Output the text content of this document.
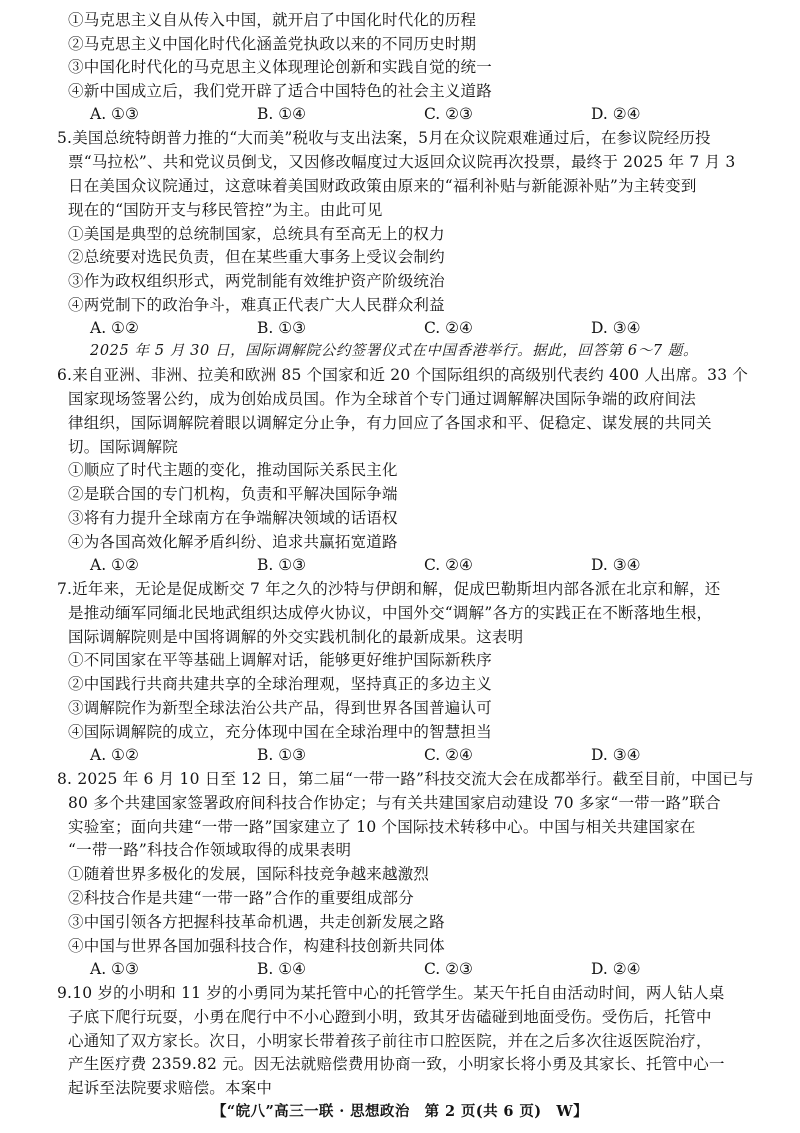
①马克思主义自从传入中国，就开启了中国化时代化的历程
②马克思主义中国化时代化涵盖党执政以来的不同历史时期
③中国化时代化的马克思主义体现理论创新和实践自觉的统一
④新中国成立后，我们党开辟了适合中国特色的社会主义道路
A. ①③	B. ①④	C. ②③	D. ②④
5.美国总统特朗普力推的“大而美”税收与支出法案，5月在众议院艰难通过后，在参议院经历投
票“马拉松”、共和党议员倒戈，又因修改幅度过大返回众议院再次投票，最终于 2025 年 7 月 3
日在美国众议院通过，这意味着美国财政政策由原来的“福利补贴与新能源补贴”为主转变到
现在的“国防开支与移民管控”为主。由此可见
①美国是典型的总统制国家，总统具有至高无上的权力
②总统要对选民负责，但在某些重大事务上受议会制约
③作为政权组织形式，两党制能有效维护资产阶级统治
④两党制下的政治争斗，难真正代表广大人民群众利益
A. ①②	B. ①③	C. ②④	D. ③④
2025 年 5 月 30 日，国际调解院公约签署仪式在中国香港举行。据此，回答第 6～7 题。
6.来自亚洲、非洲、拉美和欧洲 85 个国家和近 20 个国际组织的高级别代表约 400 人出席。33 个
国家现场签署公约，成为创始成员国。作为全球首个专门通过调解解决国际争端的政府间法
律组织，国际调解院着眼以调解定分止争，有力回应了各国求和平、促稳定、谋发展的共同关
切。国际调解院
①顺应了时代主题的变化，推动国际关系民主化
②是联合国的专门机构，负责和平解决国际争端
③将有力提升全球南方在争端解决领域的话语权
④为各国高效化解矛盾纠纷、追求共赢拓宽道路
A. ①②	B. ①③	C. ②④	D. ③④
7.近年来，无论是促成断交 7 年之久的沙特与伊朗和解，促成巴勒斯坦内部各派在北京和解，还
是推动缅军同缅北民地武组织达成停火协议，中国外交“调解”各方的实践正在不断落地生根，
国际调解院则是中国将调解的外交实践机制化的最新成果。这表明
①不同国家在平等基础上调解对话，能够更好维护国际新秩序
②中国践行共商共建共享的全球治理观，坚持真正的多边主义
③调解院作为新型全球法治公共产品，得到世界各国普遍认可
④国际调解院的成立，充分体现中国在全球治理中的智慧担当
A. ①②	B. ①③	C. ②④	D. ③④
8. 2025 年 6 月 10 日至 12 日，第二届“一带一路”科技交流大会在成都举行。截至目前，中国已与
80 多个共建国家签署政府间科技合作协定；与有关共建国家启动建设 70 多家“一带一路”联合
实验室；面向共建“一带一路”国家建立了 10 个国际技术转移中心。中国与相关共建国家在
“一带一路”科技合作领域取得的成果表明
①随着世界多极化的发展，国际科技竞争越来越激烈
②科技合作是共建“一带一路”合作的重要组成部分
③中国引领各方把握科技革命机遇，共走创新发展之路
④中国与世界各国加强科技合作，构建科技创新共同体
A. ①③	B. ①④	C. ②③	D. ②④
9.10 岁的小明和 11 岁的小勇同为某托管中心的托管学生。某天午托自由活动时间，两人钻人桌
子底下爬行玩耍，小勇在爬行中不小心蹬到小明，致其牙齿磕碰到地面受伤。受伤后，托管中
心通知了双方家长。次日，小明家长带着孩子前往市口腔医院，并在之后多次往返医院治疗，
产生医疗费 2359.82 元。因无法就赔偿费用协商一致，小明家长将小勇及其家长、托管中心一
起诉至法院要求赔偿。本案中
【“皖八”高三一联 · 思想政治　第 2 页(共 6 页)　W】
